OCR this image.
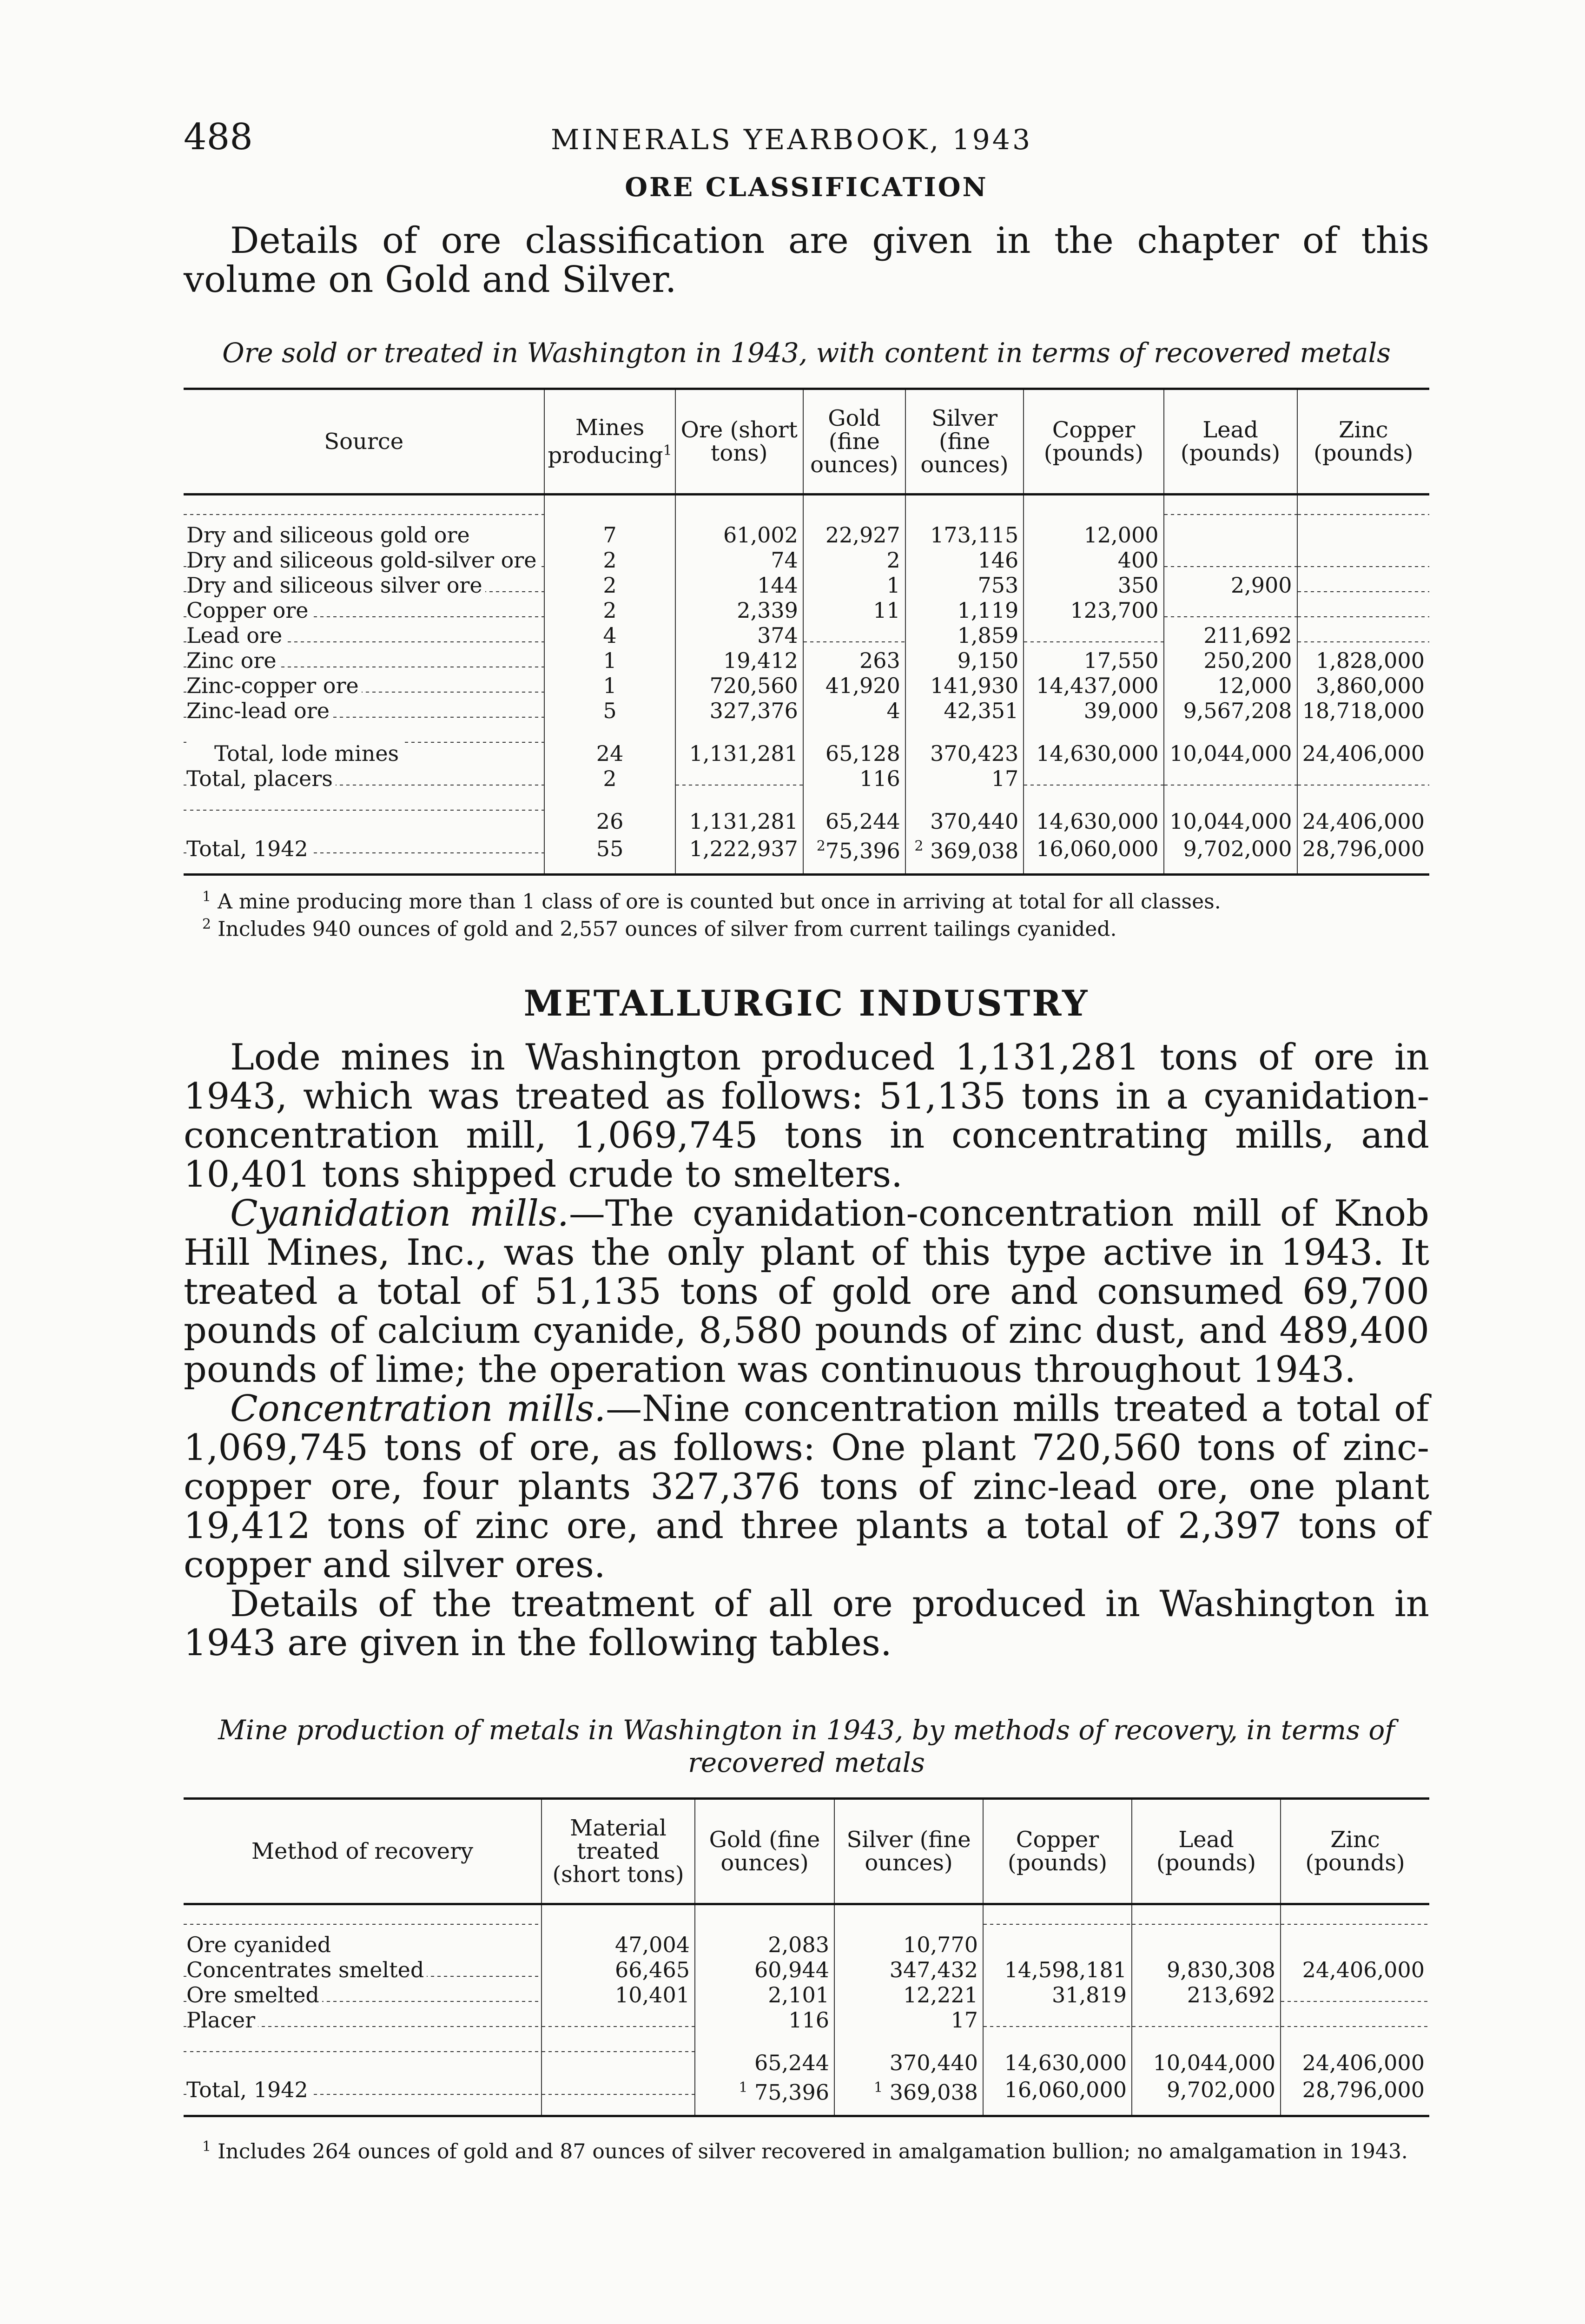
488	MINERALS YEARBOOK, 1943
ORE CLASSIFICATION

Details of ore classification are given in the chapter of this volume on Gold and Silver.

Ore sold or treated in Washington in 1943, with content in terms of recovered metals
Source	Mines producing$^1$	Ore (short tons)	Gold (fine ounces)	Silver (fine ounces)	Copper (pounds)	Lead (pounds)	Zinc (pounds)
Dry and siliceous gold ore	7	61,002	22,927	173,115	12,000		
Dry and siliceous gold-silver ore	2	74	2	146	400		
Dry and siliceous silver ore	2	144	1	753	350	2,900	
Copper ore	2	2,339	11	1,119	123,700		
Lead ore	4	374		1,859		211,692	
Zinc ore	1	19,412	263	9,150	17,550	250,200	1,828,000
Zinc-copper ore	1	720,560	41,920	141,930	14,437,000	12,000	3,860,000
Zinc-lead ore	5	327,376	4	42,351	39,000	9,567,208	18,718,000
Total, lode mines	24	1,131,281	65,128	370,423	14,630,000	10,044,000	24,406,000
Total, placers	2		116	17			
	26	1,131,281	65,244	370,440	14,630,000	10,044,000	24,406,000
Total, 1942	55	1,222,937	$^2$75,396	$^2$ 369,038	16,060,000	9,702,000	28,796,000

$^1$ A mine producing more than 1 class of ore is counted but once in arriving at total for all classes.

$^2$ Includes 940 ounces of gold and 2,557 ounces of silver from current tailings cyanided.

METALLURGIC INDUSTRY

Lode mines in Washington produced 1,131,281 tons of ore in 1943, which was treated as follows: 51,135 tons in a cyanidation-concentration mill, 1,069,745 tons in concentrating mills, and 10,401 tons shipped crude to smelters.

Cyanidation mills.—The cyanidation-concentration mill of Knob Hill Mines, Inc., was the only plant of this type active in 1943. It treated a total of 51,135 tons of gold ore and consumed 69,700 pounds of calcium cyanide, 8,580 pounds of zinc dust, and 489,400 pounds of lime; the operation was continuous throughout 1943.

Concentration mills.—Nine concentration mills treated a total of 1,069,745 tons of ore, as follows: One plant 720,560 tons of zinc-copper ore, four plants 327,376 tons of zinc-lead ore, one plant 19,412 tons of zinc ore, and three plants a total of 2,397 tons of copper and silver ores.

Details of the treatment of all ore produced in Washington in 1943 are given in the following tables.

Mine production of metals in Washington in 1943, by methods of recovery, in terms of recovered metals
Method of recovery	Material treated (short tons)	Gold (fine ounces)	Silver (fine ounces)	Copper (pounds)	Lead (pounds)	Zinc (pounds)
Ore cyanided	47,004	2,083	10,770			
Concentrates smelted	66,465	60,944	347,432	14,598,181	9,830,308	24,406,000
Ore smelted	10,401	2,101	12,221	31,819	213,692	
Placer		116	17			
		65,244	370,440	14,630,000	10,044,000	24,406,000
Total, 1942		$^1$ 75,396	$^1$ 369,038	16,060,000	9,702,000	28,796,000

$^1$ Includes 264 ounces of gold and 87 ounces of silver recovered in amalgamation bullion; no amalgamation in 1943.
